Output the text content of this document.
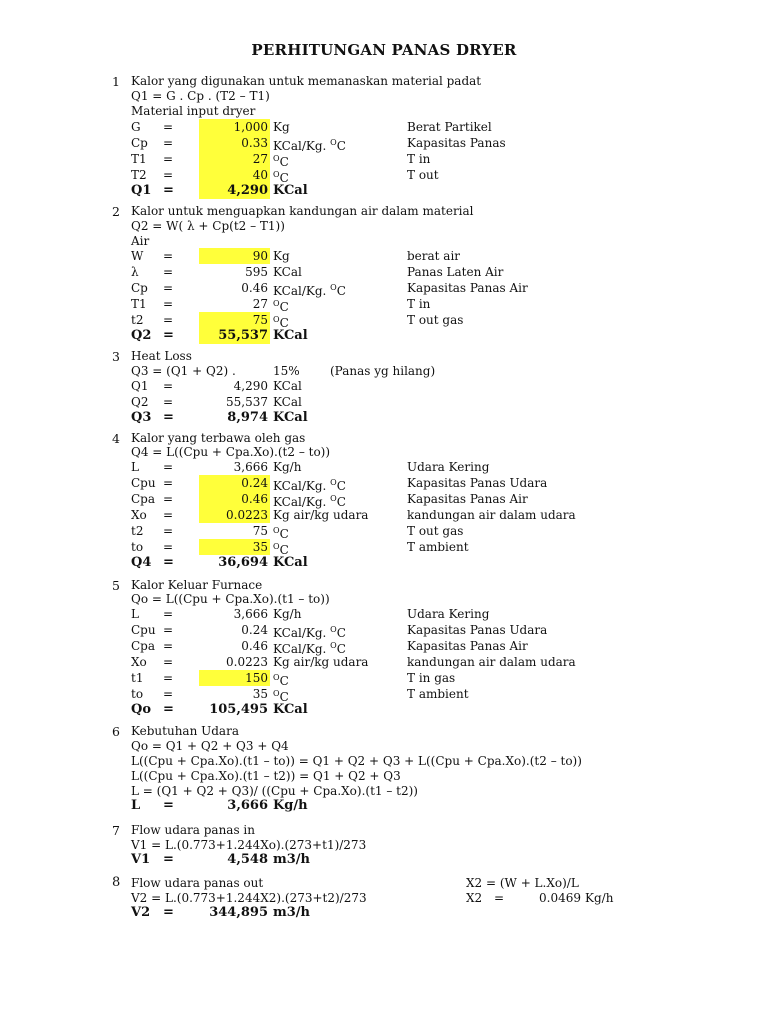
PERHITUNGAN PANAS DRYER
1 Kalor yang digunakan untuk memanaskan material padat
Q1 = G . Cp . (T2 – T1)
Material input dryer
G =	1,000 Kg	Berat Partikel
Cp =	0.33 KCal/Kg. $^O$C	Kapasitas Panas
T1 =	27 $^O$C	T in
T2 =	40 $^O$C	T out
Q1 =	4,290 KCal
2 Kalor untuk menguapkan kandungan air dalam material
Q2 = W( λ + Cp(t2 – T1))
Air
W =	90 Kg	berat air
λ =	595 KCal	Panas Laten Air
Cp =	0.46 KCal/Kg. $^O$C	Kapasitas Panas Air
T1 =	27 $^O$C	T in
t2 =	75 $^O$C	T out gas
Q2 =	55,537 KCal
3 Heat Loss
Q3 = (Q1 + Q2) .	15%	(Panas yg hilang)
Q1 =	4,290 KCal
Q2 =	55,537 KCal
Q3 =	8,974 KCal
4 Kalor yang terbawa oleh gas
Q4 = L((Cpu + Cpa.Xo).(t2 – to))
L =	3,666 Kg/h	Udara Kering
Cpu =	0.24 KCal/Kg. $^O$C	Kapasitas Panas Udara
Cpa =	0.46 KCal/Kg. $^O$C	Kapasitas Panas Air
Xo =	0.0223 Kg air/kg udara	kandungan air dalam udara
t2 =	75 $^O$C	T out gas
to =	35 $^O$C	T ambient
Q4 =	36,694 KCal
5 Kalor Keluar Furnace
Qo = L((Cpu + Cpa.Xo).(t1 – to))
L =	3,666 Kg/h	Udara Kering
Cpu =	0.24 KCal/Kg. $^O$C	Kapasitas Panas Udara
Cpa =	0.46 KCal/Kg. $^O$C	Kapasitas Panas Air
Xo =	0.0223 Kg air/kg udara	kandungan air dalam udara
t1 =	150 $^O$C	T in gas
to =	35 $^O$C	T ambient
Qo =	105,495 KCal
6 Kebutuhan Udara
Qo = Q1 + Q2 + Q3 + Q4
L((Cpu + Cpa.Xo).(t1 – to)) = Q1 + Q2 + Q3 + L((Cpu + Cpa.Xo).(t2 – to))
L((Cpu + Cpa.Xo).(t1 – t2)) = Q1 + Q2 + Q3
L = (Q1 + Q2 + Q3)/ ((Cpu + Cpa.Xo).(t1 – t2))
L =	3,666 Kg/h
7 Flow udara panas in
V1 = L.(0.773+1.244Xo).(273+t1)/273
V1 =	4,548 m3/h
8 Flow udara panas out
V2 = L.(0.773+1.244X2).(273+t2)/273
X2 = (W + L.Xo)/L
X2 =	0.0469 Kg/h
V2 =	344,895 m3/h
